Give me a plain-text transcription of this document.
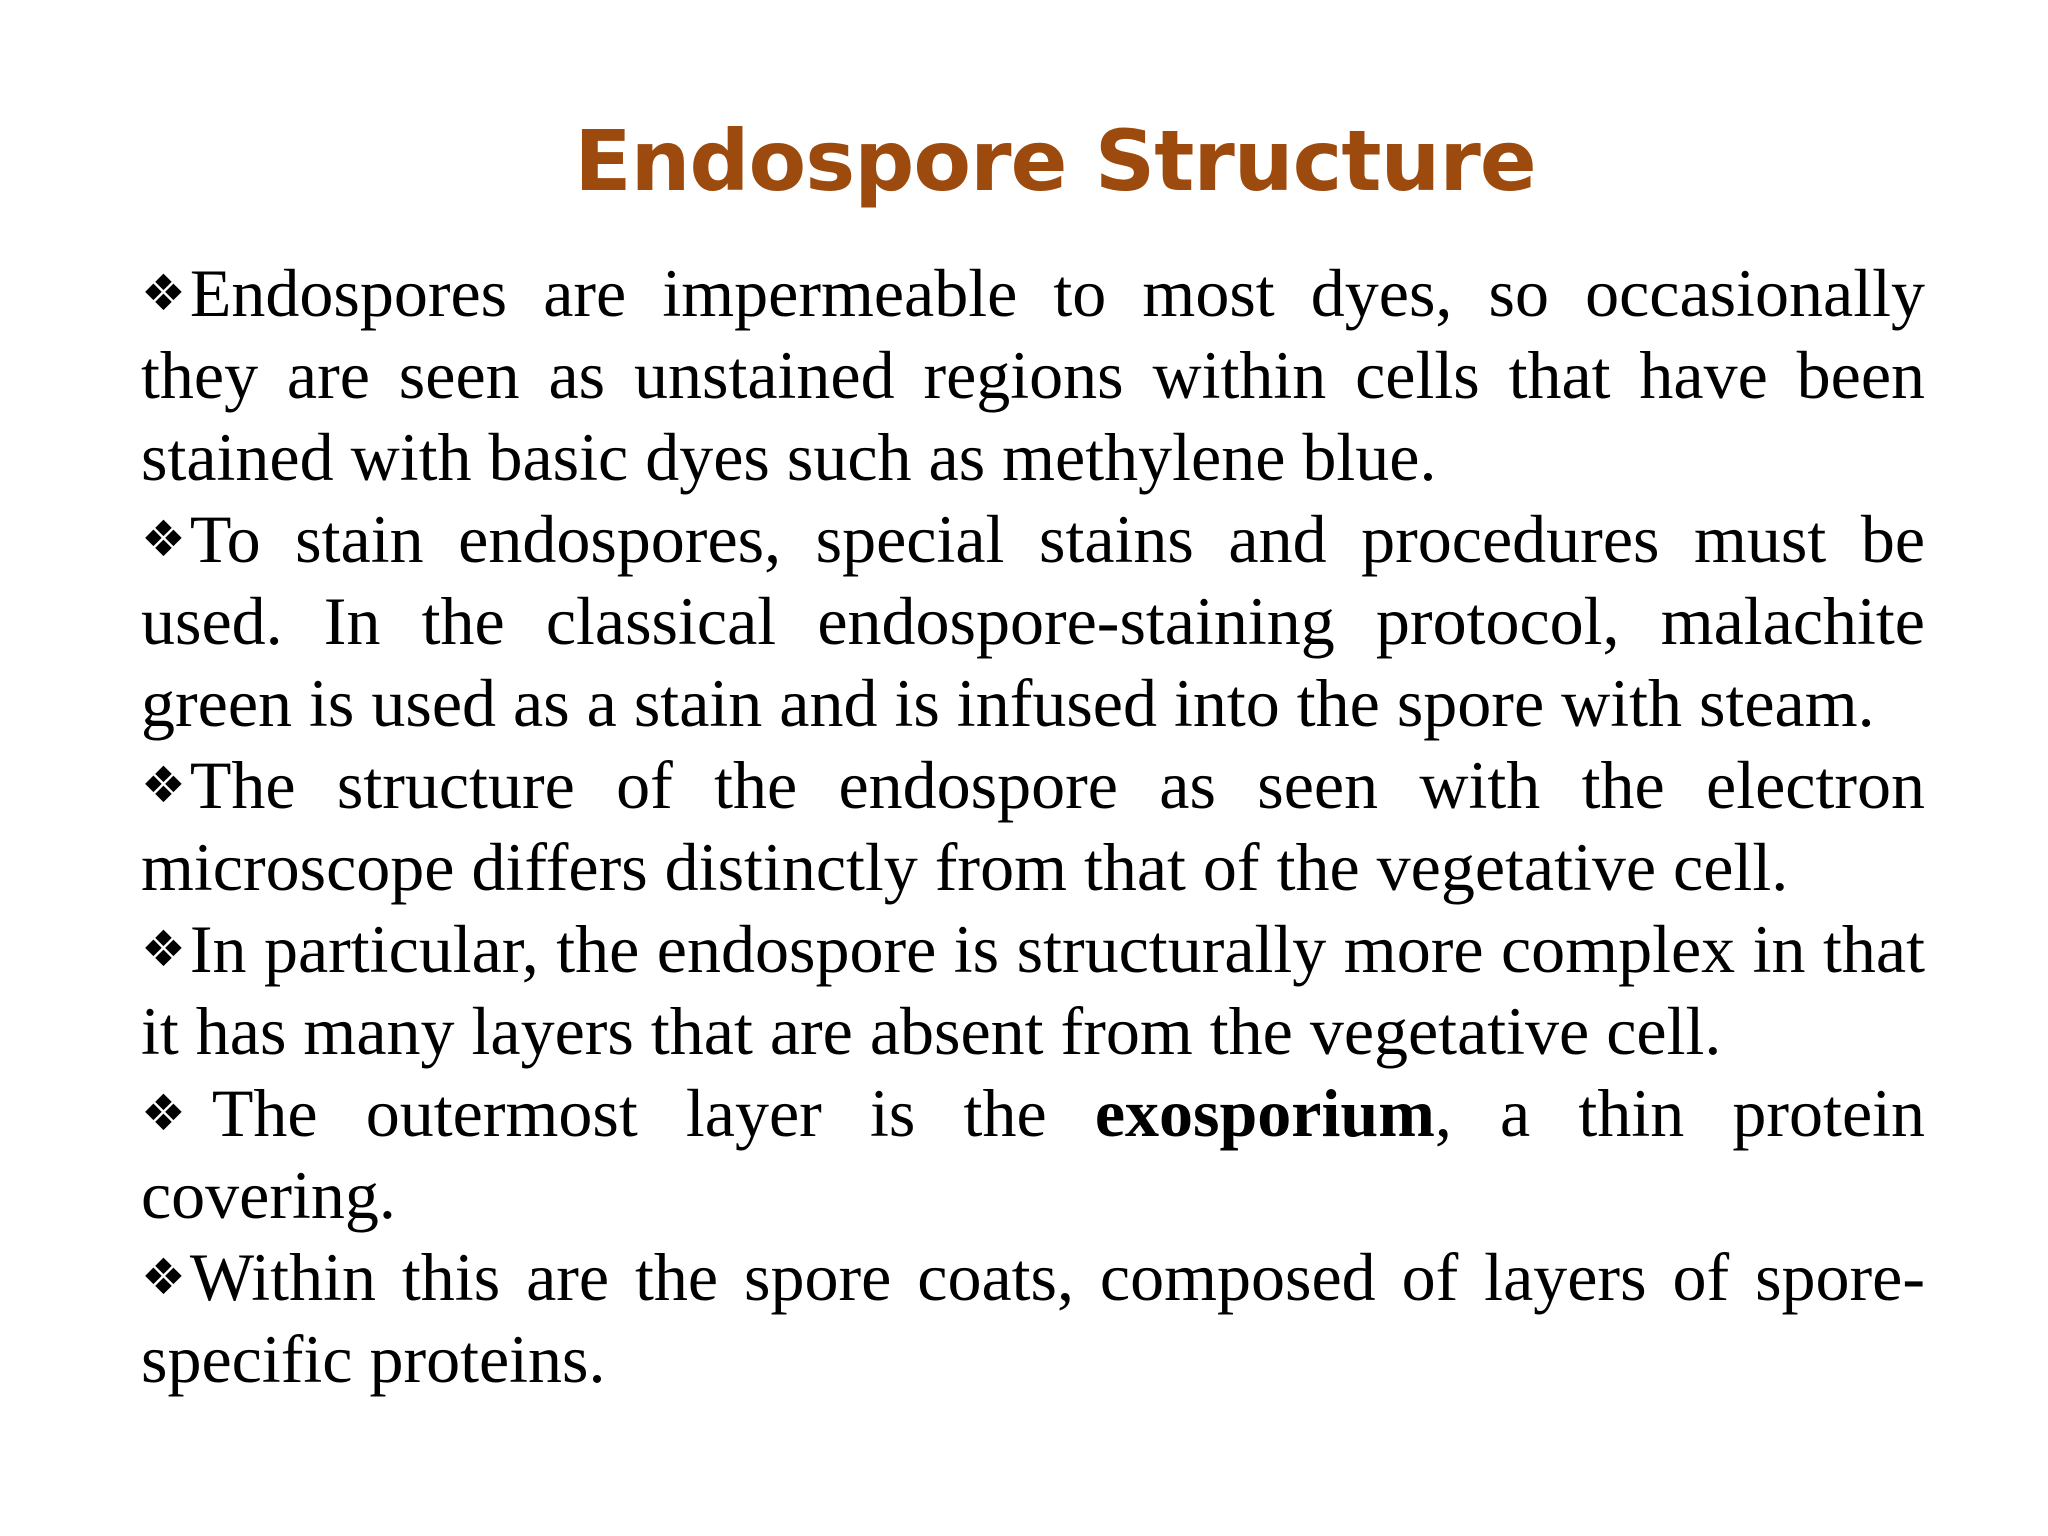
Endospore Structure

❖Endospores are impermeable to most dyes, so occasionally they are seen as unstained regions within cells that have been stained with basic dyes such as methylene blue.

❖To stain endospores, special stains and procedures must be used. In the classical endospore-staining protocol, malachite green is used as a stain and is infused into the spore with steam.

❖The structure of the endospore as seen with the electron microscope differs distinctly from that of the vegetative cell.

❖In particular, the endospore is structurally more complex in that it has many layers that are absent from the vegetative cell.

❖ The outermost layer is the exosporium, a thin protein covering.

❖Within this are the spore coats, composed of layers of spore-specific proteins.
